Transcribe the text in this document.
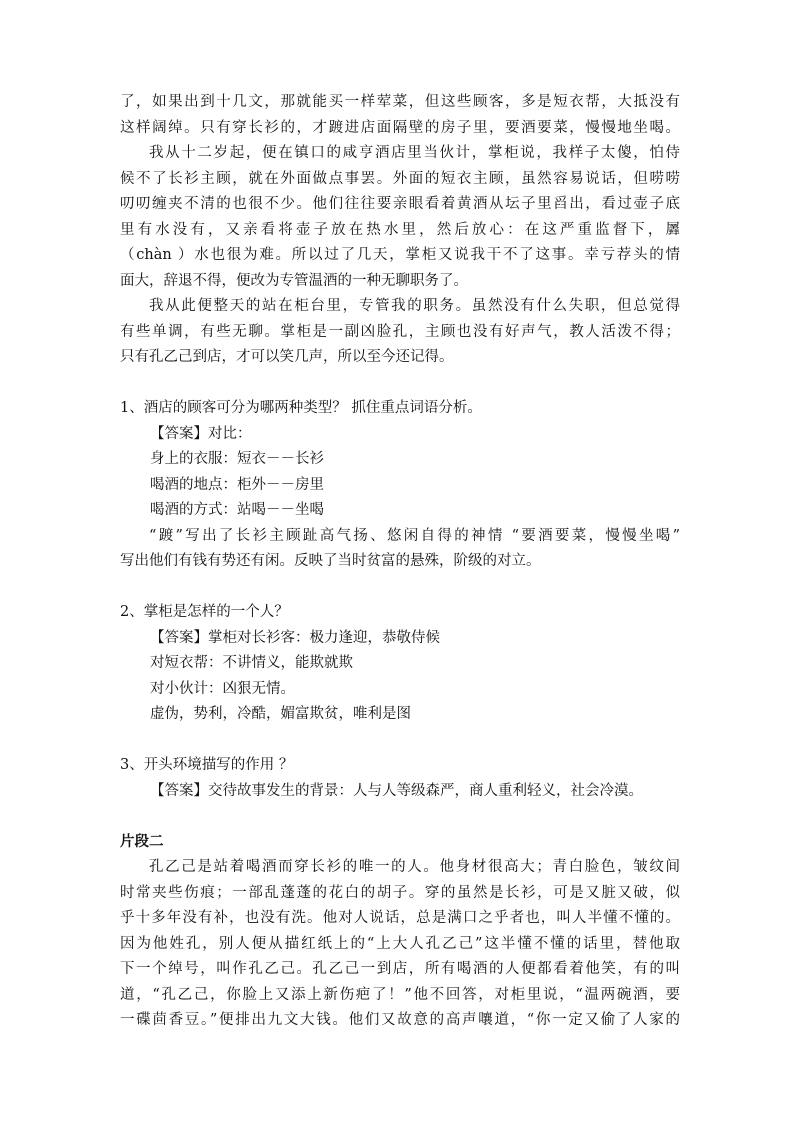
了，如果出到十几文，那就能买一样荤菜，但这些顾客，多是短衣帮，大抵没有
这样阔绰。只有穿长衫的，才踱进店面隔壁的房子里，要酒要菜，慢慢地坐喝。
我从十二岁起，便在镇口的咸亨酒店里当伙计，掌柜说，我样子太傻，怕侍
候不了长衫主顾，就在外面做点事罢。外面的短衣主顾，虽然容易说话，但唠唠
叨叨缠夹不清的也很不少。他们往往要亲眼看着黄酒从坛子里舀出，看过壶子底
里有水没有，又亲看将壶子放在热水里，然后放心：在这严重监督下，羼
（chàn ）水也很为难。所以过了几天，掌柜又说我干不了这事。幸亏荐头的情
面大，辞退不得，便改为专管温酒的一种无聊职务了。
我从此便整天的站在柜台里，专管我的职务。虽然没有什么失职，但总觉得
有些单调，有些无聊。掌柜是一副凶脸孔，主顾也没有好声气，教人活泼不得；
只有孔乙己到店，才可以笑几声，所以至今还记得。
1、酒店的顾客可分为哪两种类型？ 抓住重点词语分析。
【答案】对比：
身上的衣服：短衣－－长衫
喝酒的地点：柜外－－房里
喝酒的方式：站喝－－坐喝
“踱”写出了长衫主顾趾高气扬、悠闲自得的神情 “要酒要菜，慢慢坐喝”
写出他们有钱有势还有闲。反映了当时贫富的悬殊，阶级的对立。
2、掌柜是怎样的一个人？
【答案】掌柜对长衫客：极力逢迎，恭敬侍候
对短衣帮：不讲情义，能欺就欺
对小伙计：凶狠无情。
虚伪，势利，冷酷，媚富欺贫，唯利是图
3、开头环境描写的作用 ？
【答案】交待故事发生的背景：人与人等级森严，商人重利轻义，社会冷漠。
片段二
孔乙己是站着喝酒而穿长衫的唯一的人。他身材很高大；青白脸色，皱纹间
时常夹些伤痕；一部乱蓬蓬的花白的胡子。穿的虽然是长衫，可是又脏又破，似
乎十多年没有补，也没有洗。他对人说话，总是满口之乎者也，叫人半懂不懂的。
因为他姓孔，别人便从描红纸上的“上大人孔乙己”这半懂不懂的话里，替他取
下一个绰号，叫作孔乙己。孔乙己一到店，所有喝酒的人便都看着他笑，有的叫
道，“孔乙己，你脸上又添上新伤疤了！”他不回答，对柜里说，“温两碗酒，要
一碟茴香豆。”便排出九文大钱。他们又故意的高声嚷道，“你一定又偷了人家的
